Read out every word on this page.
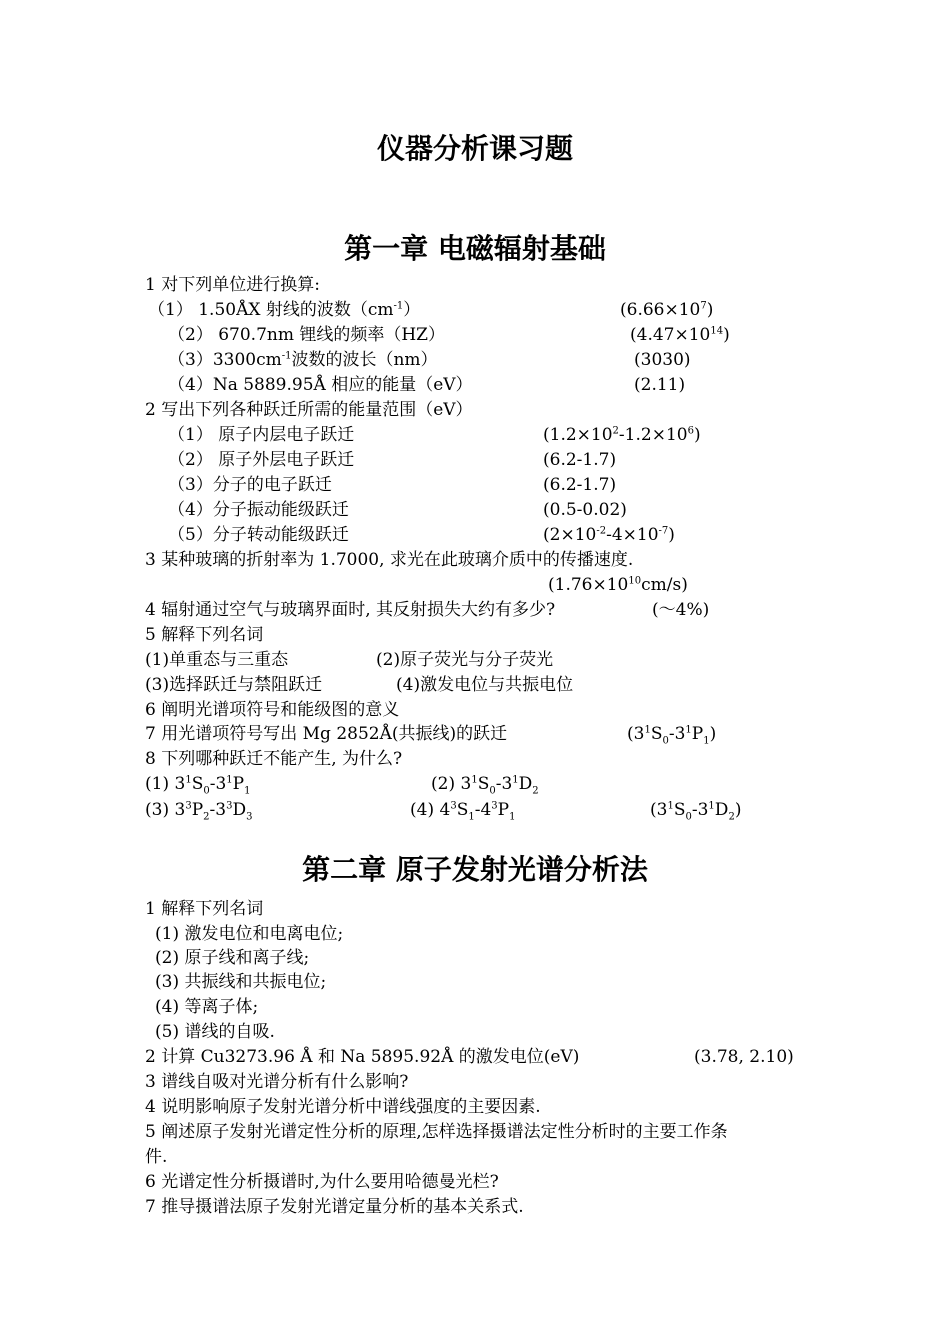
仪器分析课习题
第一章 电磁辐射基础
1 对下列单位进行换算:
（1） 1.50ÅX 射线的波数$(cm^{-1})$	$(6.66\times 10^7)$
（2） 670.7nm 锂线的频率（HZ）	$(4.47\times 10^{14})$
$(3)3300cm^{-1}$波数的波长（nm）	(3030)
（4）Na 5889.95Å 相应的能量（eV）	(2.11)
2 写出下列各种跃迁所需的能量范围（eV）
（1） 原子内层电子跃迁	$(1.2\times 10^2-1.2\times 10^6)$
（2） 原子外层电子跃迁	(6.2-1.7)
（3）分子的电子跃迁	(6.2-1.7)
（4）分子振动能级跃迁	(0.5-0.02)
（5）分子转动能级跃迁	$(2\times 10^{-2}-4\times 10^{-7})$
3 某种玻璃的折射率为 1.7000, 求光在此玻璃介质中的传播速度.
$(1.76\times 10^{10}cm/s)$
4 辐射通过空气与玻璃界面时, 其反射损失大约有多少?	(～4%)
5 解释下列名词
(1)单重态与三重态	(2)原子荧光与分子荧光
(3)选择跃迁与禁阻跃迁	(4)激发电位与共振电位
6 阐明光谱项符号和能级图的意义
7 用光谱项符号写出 Mg 2852Å(共振线)的跃迁	$(3^1S_0-3^1P_1)$
8 下列哪种跃迁不能产生, 为什么?
(1) $3^1S_0-3^1P_1$	(2) $3^1S_0-3^1D_2$
(3) $3^3P_2-3^3D_3$	(4) $4^3S_1-4^3P_1$	$(3^1S_0-3^1D_2)$
第二章 原子发射光谱分析法
1 解释下列名词
(1) 激发电位和电离电位;
(2) 原子线和离子线;
(3) 共振线和共振电位;
(4) 等离子体;
(5) 谱线的自吸.
2 计算 Cu3273.96 Å 和 Na 5895.92Å 的激发电位(eV)	(3.78, 2.10)
3 谱线自吸对光谱分析有什么影响?
4 说明影响原子发射光谱分析中谱线强度的主要因素.
5 阐述原子发射光谱定性分析的原理,怎样选择摄谱法定性分析时的主要工作条
件.
6 光谱定性分析摄谱时,为什么要用哈德曼光栏?
7 推导摄谱法原子发射光谱定量分析的基本关系式.
